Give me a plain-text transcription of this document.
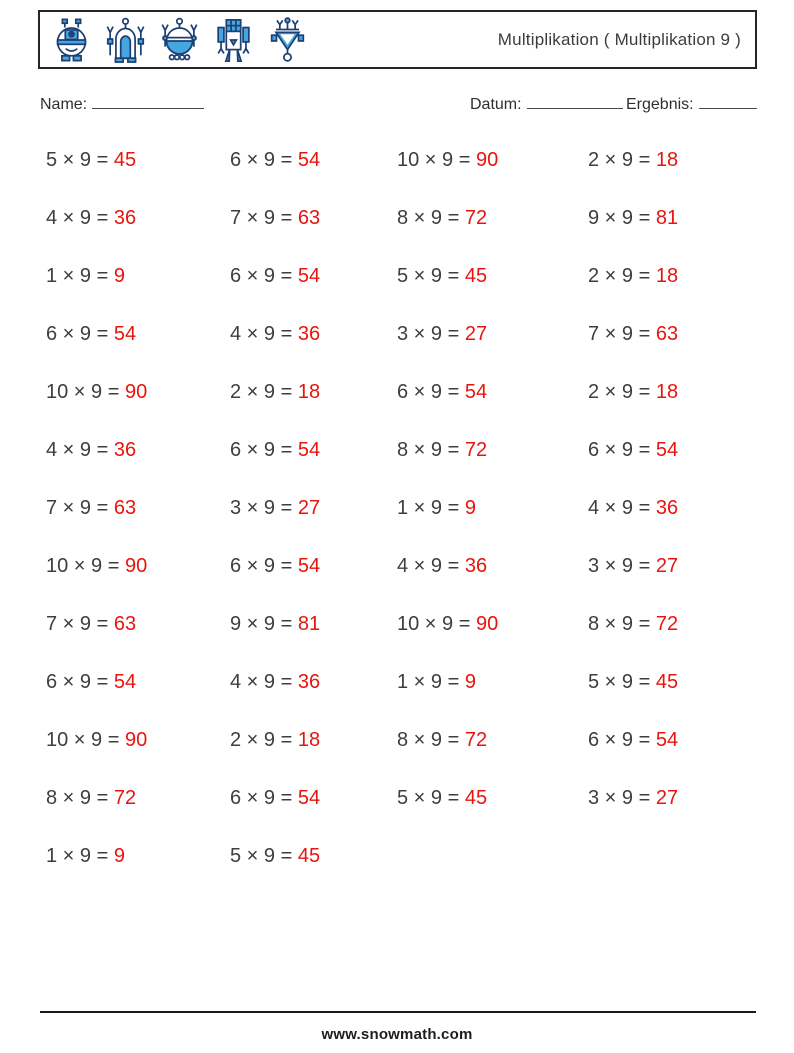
Multiplikation ( Multiplikation 9 )
Name:	Datum:	Ergebnis:
5 × 9 = 45	6 × 9 = 54	10 × 9 = 90	2 × 9 = 18
4 × 9 = 36	7 × 9 = 63	8 × 9 = 72	9 × 9 = 81
1 × 9 = 9	6 × 9 = 54	5 × 9 = 45	2 × 9 = 18
6 × 9 = 54	4 × 9 = 36	3 × 9 = 27	7 × 9 = 63
10 × 9 = 90	2 × 9 = 18	6 × 9 = 54	2 × 9 = 18
4 × 9 = 36	6 × 9 = 54	8 × 9 = 72	6 × 9 = 54
7 × 9 = 63	3 × 9 = 27	1 × 9 = 9	4 × 9 = 36
10 × 9 = 90	6 × 9 = 54	4 × 9 = 36	3 × 9 = 27
7 × 9 = 63	9 × 9 = 81	10 × 9 = 90	8 × 9 = 72
6 × 9 = 54	4 × 9 = 36	1 × 9 = 9	5 × 9 = 45
10 × 9 = 90	2 × 9 = 18	8 × 9 = 72	6 × 9 = 54
8 × 9 = 72	6 × 9 = 54	5 × 9 = 45	3 × 9 = 27
1 × 9 = 9	5 × 9 = 45
www.snowmath.com
